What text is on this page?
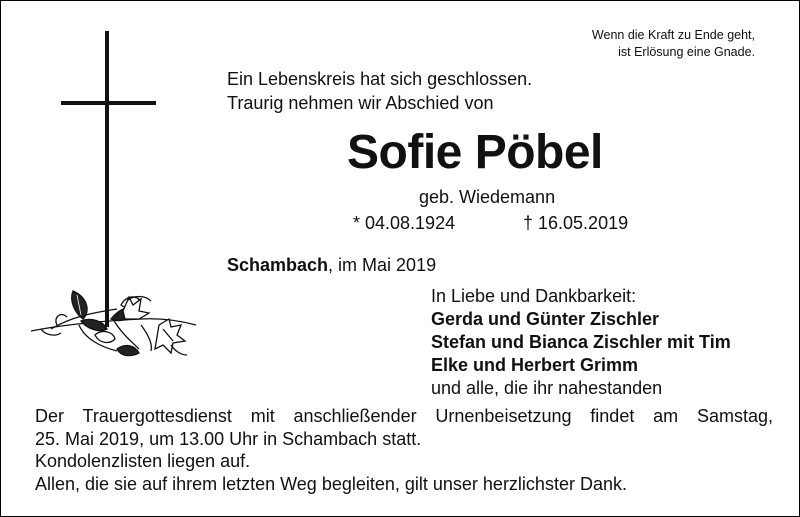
Wenn die Kraft zu Ende geht,
ist Erlösung eine Gnade.
Ein Lebenskreis hat sich geschlossen.
Traurig nehmen wir Abschied von
Sofie Pöbel
geb. Wiedemann
* 04.08.1924	† 16.05.2019
Schambach, im Mai 2019
In Liebe und Dankbarkeit:
Gerda und Günter Zischler
Stefan und Bianca Zischler mit Tim
Elke und Herbert Grimm
und alle, die ihr nahestanden
Der Trauergottesdienst mit anschließender Urnenbeisetzung findet am Samstag,
25. Mai 2019, um 13.00 Uhr in Schambach statt.
Kondolenzlisten liegen auf.
Allen, die sie auf ihrem letzten Weg begleiten, gilt unser herzlichster Dank.
